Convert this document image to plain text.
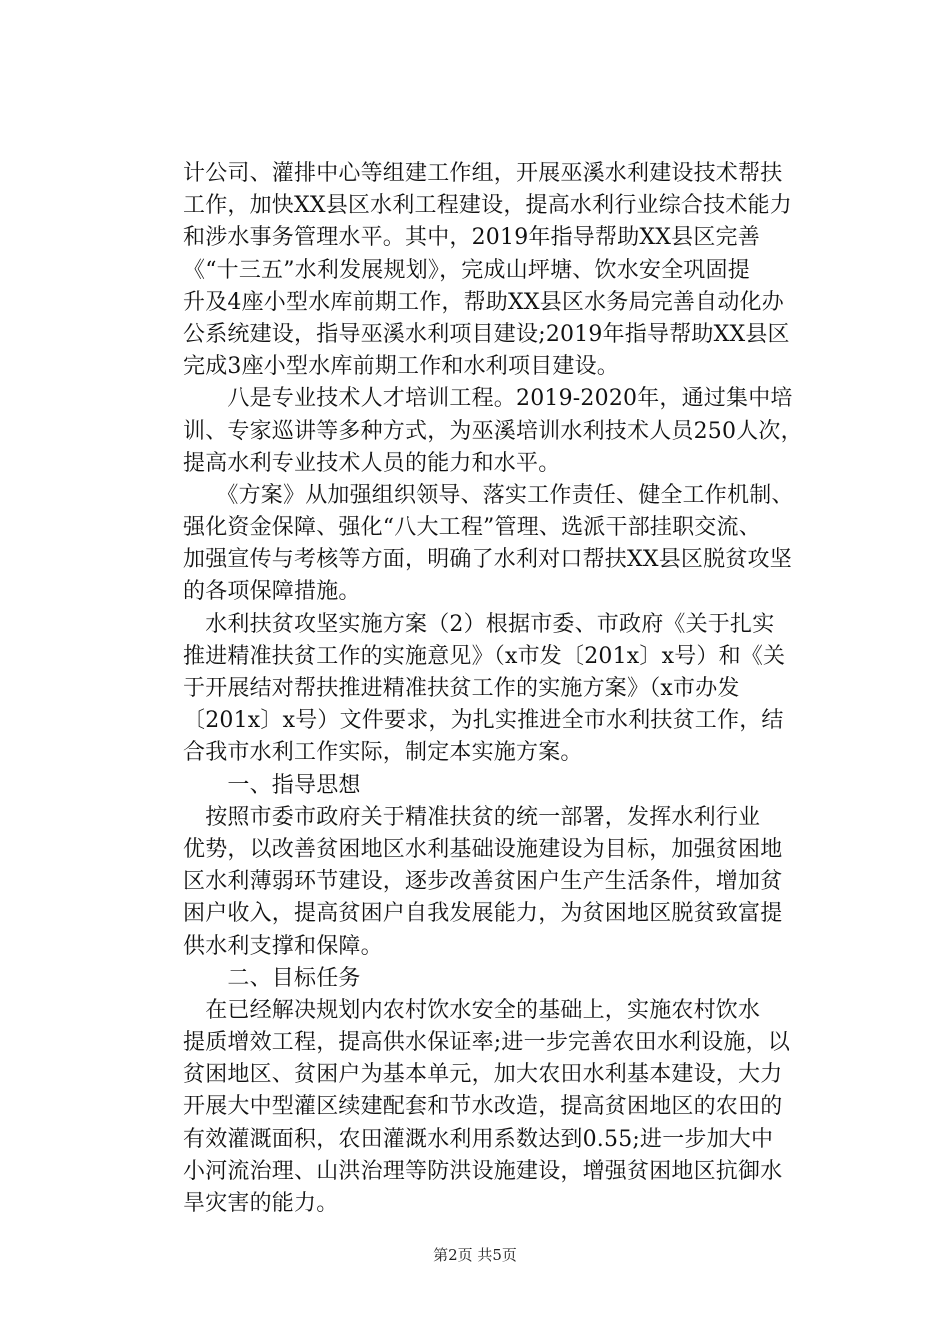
计公司、灌排中心等组建工作组，开展巫溪水利建设技术帮扶
工作，加快XX县区水利工程建设，提高水利行业综合技术能力
和涉水事务管理水平。其中，2019年指导帮助XX县区完善
《“十三五”水利发展规划》，完成山坪塘、饮水安全巩固提
升及4座小型水库前期工作，帮助XX县区水务局完善自动化办
公系统建设，指导巫溪水利项目建设;2019年指导帮助XX县区
完成3座小型水库前期工作和水利项目建设。
　　八是专业技术人才培训工程。2019-2020年，通过集中培
训、专家巡讲等多种方式，为巫溪培训水利技术人员250人次，
提高水利专业技术人员的能力和水平。
　　《方案》从加强组织领导、落实工作责任、健全工作机制、
强化资金保障、强化“八大工程”管理、选派干部挂职交流、
加强宣传与考核等方面，明确了水利对口帮扶XX县区脱贫攻坚
的各项保障措施。
　水利扶贫攻坚实施方案（2）根据市委、市政府《关于扎实
推进精准扶贫工作的实施意见》（x市发〔201x〕x号）和《关
于开展结对帮扶推进精准扶贫工作的实施方案》（x市办发
〔201x〕x号）文件要求，为扎实推进全市水利扶贫工作，结
合我市水利工作实际，制定本实施方案。
　　一、指导思想
　按照市委市政府关于精准扶贫的统一部署，发挥水利行业
优势，以改善贫困地区水利基础设施建设为目标，加强贫困地
区水利薄弱环节建设，逐步改善贫困户生产生活条件，增加贫
困户收入，提高贫困户自我发展能力，为贫困地区脱贫致富提
供水利支撑和保障。
　　二、目标任务
　在已经解决规划内农村饮水安全的基础上，实施农村饮水
提质增效工程，提高供水保证率;进一步完善农田水利设施，以
贫困地区、贫困户为基本单元，加大农田水利基本建设，大力
开展大中型灌区续建配套和节水改造，提高贫困地区的农田的
有效灌溉面积，农田灌溉水利用系数达到0.55;进一步加大中
小河流治理、山洪治理等防洪设施建设，增强贫困地区抗御水
旱灾害的能力。
第2页 共5页
